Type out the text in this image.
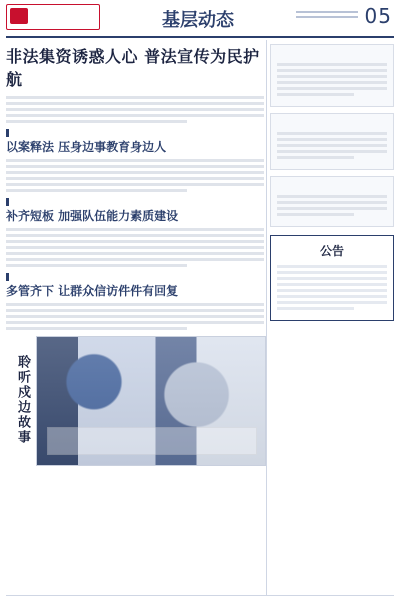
基层动态	05
非法集资诱惑人心 普法宣传为民护航

以案释法 压身边事教育身边人

补齐短板 加强队伍能力素质建设

多管齐下 让群众信访件件有回复
聆听戍边故事

公告
